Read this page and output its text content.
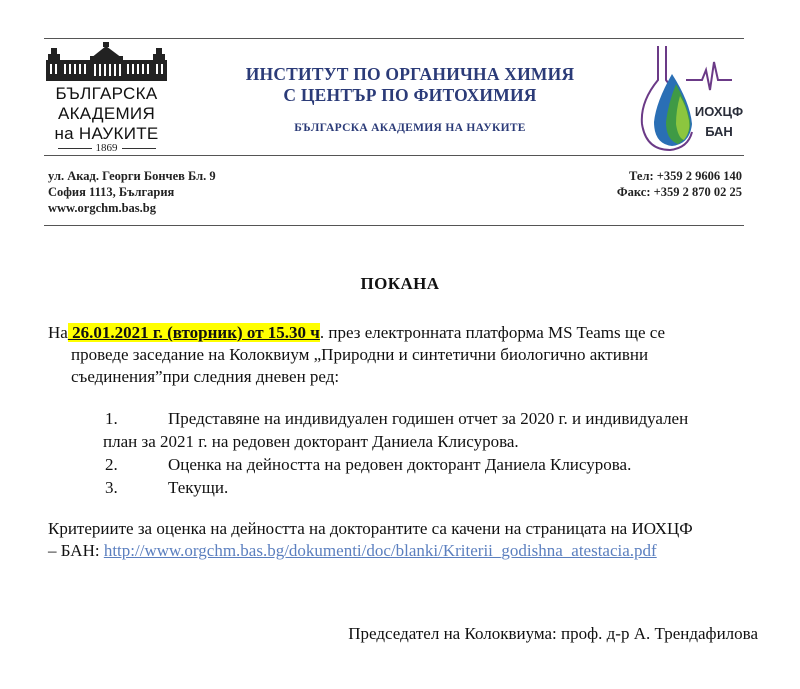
БЪЛГАРСКА
АКАДЕМИЯ
на НАУКИТЕ
1869
ИНСТИТУТ ПО ОРГАНИЧНА ХИМИЯ
С ЦЕНТЪР ПО ФИТОХИМИЯ
БЪЛГАРСКА АКАДЕМИЯ НА НАУКИТЕ
ИОХЦФ
БАН
ул. Акад. Георги Бончев Бл. 9
София 1113, България
www.orgchm.bas.bg
Тел: +359 2 9606 140
Факс: +359 2 870 02 25
ПОКАНА
На 26.01.2021 г. (вторник) от 15.30 ч. през електронната платформа MS Teams ще се
проведе заседание на Колоквиум „Природни и синтетични биологично активни
съединения”при следния дневен ред:
1.	Представяне на индивидуален годишен отчет за 2020 г. и индивидуален
план за 2021 г. на редовен докторант Даниела Клисурова.
2.	Оценка на дейността на редовен докторант Даниела Клисурова.
3.	Текущи.
Критериите за оценка на дейността на докторантите са качени на страницата на ИОХЦФ
– БАН: http://www.orgchm.bas.bg/dokumenti/doc/blanki/Kriterii_godishna_atestacia.pdf
Председател на Колоквиума: проф. д-р А. Трендафилова
